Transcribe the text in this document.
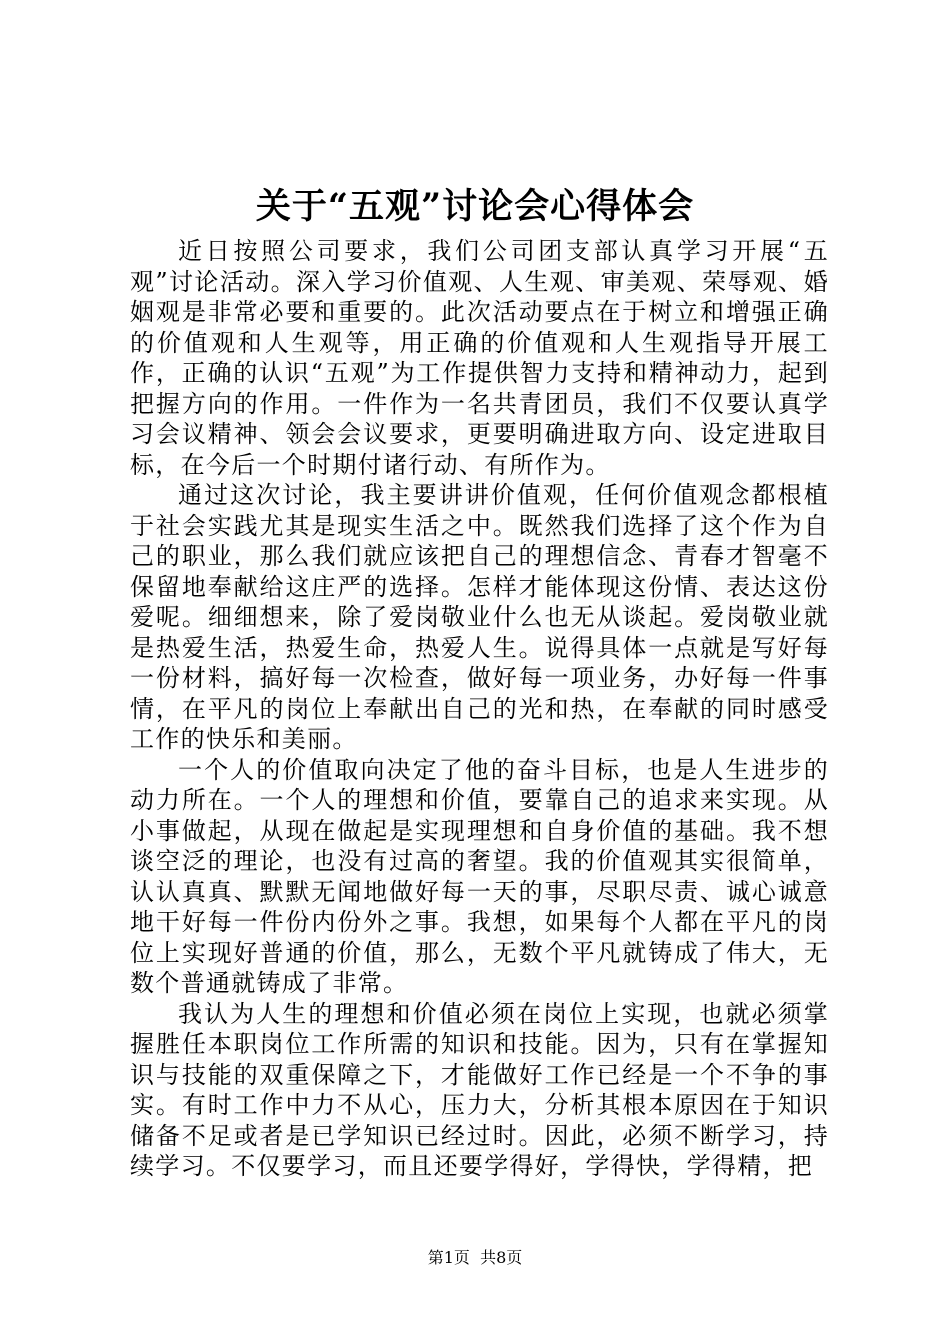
关于“五观”讨论会心得体会

近日按照公司要求，我们公司团支部认真学习开展“五观”讨论活动。深入学习价值观、人生观、审美观、荣辱观、婚姻观是非常必要和重要的。此次活动要点在于树立和增强正确的价值观和人生观等，用正确的价值观和人生观指导开展工作，正确的认识“五观”为工作提供智力支持和精神动力，起到把握方向的作用。一件作为一名共青团员，我们不仅要认真学习会议精神、领会会议要求，更要明确进取方向、设定进取目标，在今后一个时期付诸行动、有所作为。

通过这次讨论，我主要讲讲价值观，任何价值观念都根植于社会实践尤其是现实生活之中。既然我们选择了这个作为自己的职业，那么我们就应该把自己的理想信念、青春才智毫不保留地奉献给这庄严的选择。怎样才能体现这份情、表达这份爱呢。细细想来，除了爱岗敬业什么也无从谈起。爱岗敬业就是热爱生活，热爱生命，热爱人生。说得具体一点就是写好每一份材料，搞好每一次检查，做好每一项业务，办好每一件事情，在平凡的岗位上奉献出自己的光和热，在奉献的同时感受工作的快乐和美丽。

一个人的价值取向决定了他的奋斗目标，也是人生进步的动力所在。一个人的理想和价值，要靠自己的追求来实现。从小事做起，从现在做起是实现理想和自身价值的基础。我不想谈空泛的理论，也没有过高的奢望。我的价值观其实很简单，认认真真、默默无闻地做好每一天的事，尽职尽责、诚心诚意地干好每一件份内份外之事。我想，如果每个人都在平凡的岗位上实现好普通的价值，那么，无数个平凡就铸成了伟大，无数个普通就铸成了非常。

我认为人生的理想和价值必须在岗位上实现，也就必须掌握胜任本职岗位工作所需的知识和技能。因为，只有在掌握知识与技能的双重保障之下，才能做好工作已经是一个不争的事实。有时工作中力不从心，压力大，分析其根本原因在于知识储备不足或者是已学知识已经过时。因此，必须不断学习，持续学习。不仅要学习，而且还要学得好，学得快，学得精，把

第1页 共8页
